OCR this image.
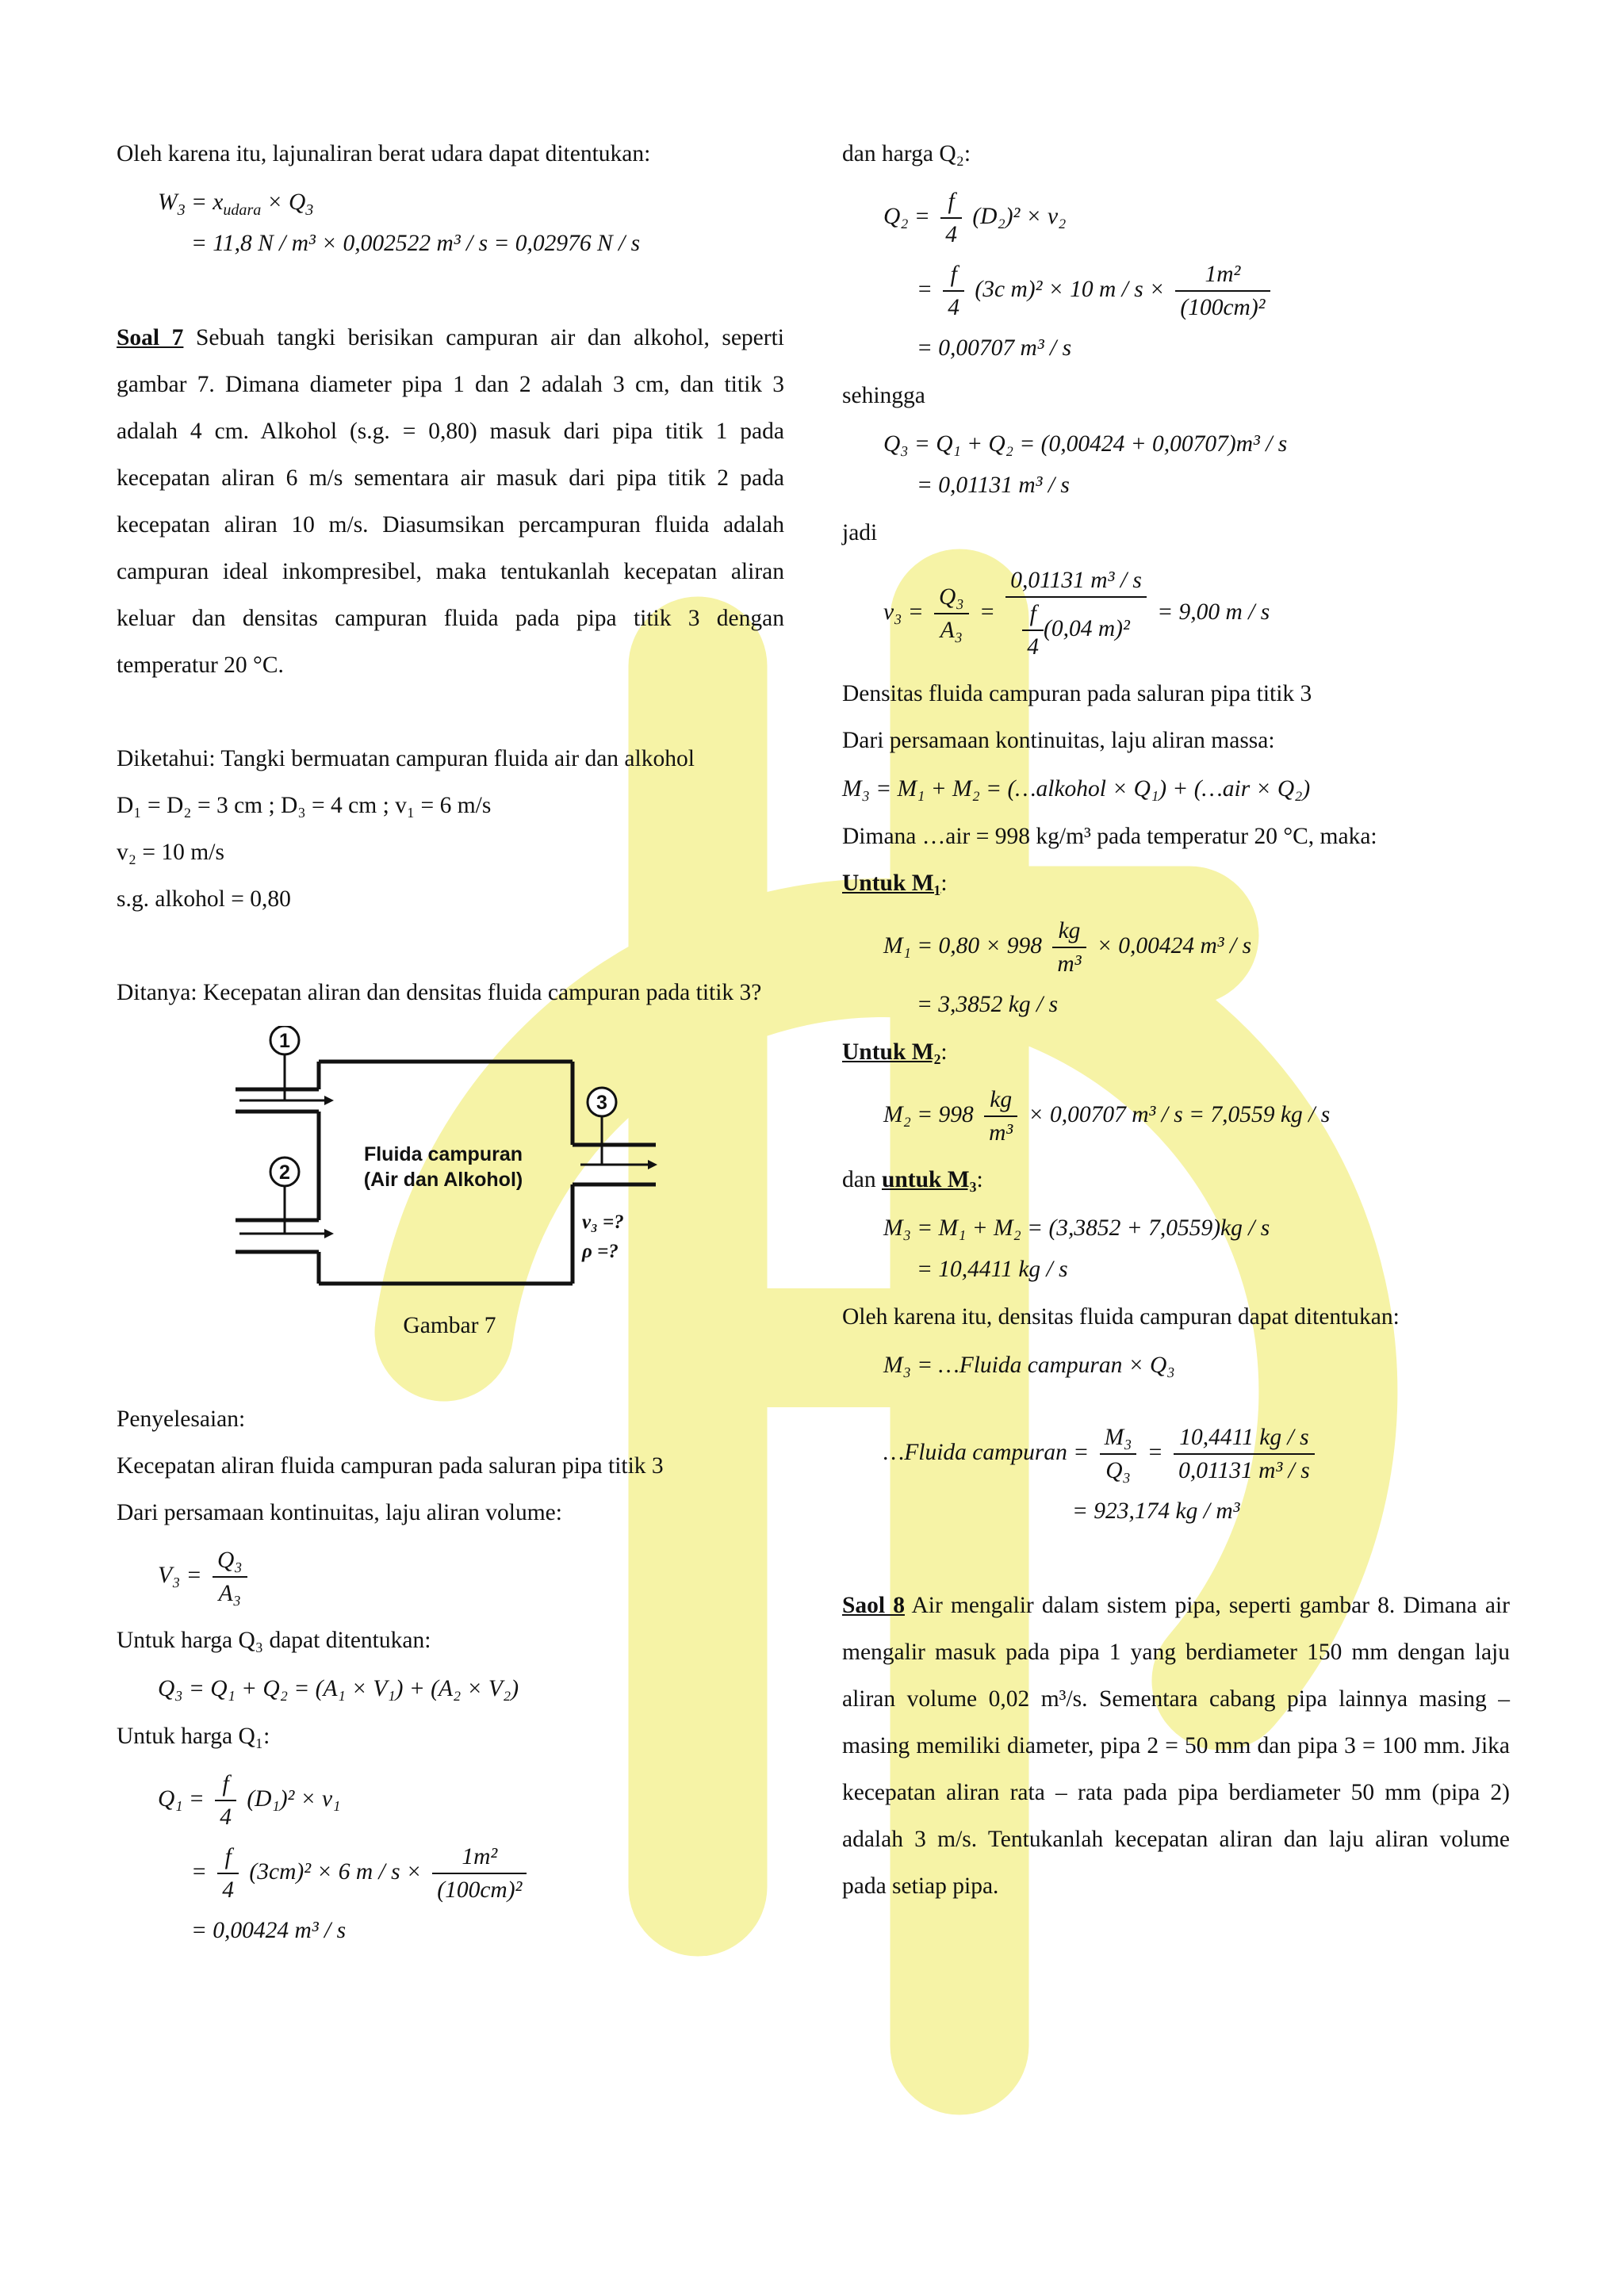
Oleh karena itu, lajunaliran berat udara dapat ditentukan:

$W_3 = x_{udara} \times Q_3$
= 11,8 N / m³ × 0,002522 m³ / s = 0,02976 N / s

Soal 7 Sebuah tangki berisikan campuran air dan alkohol, seperti gambar 7. Dimana diameter pipa 1 dan 2 adalah 3 cm, dan titik 3 adalah 4 cm. Alkohol (s.g. = 0,80) masuk dari pipa titik 1 pada kecepatan aliran 6 m/s sementara air masuk dari pipa titik 2 pada kecepatan aliran 10 m/s. Diasumsikan percampuran fluida adalah campuran ideal inkompresibel, maka tentukanlah kecepatan aliran keluar dan densitas campuran fluida pada pipa titik 3 dengan temperatur 20 °C.

Diketahui: Tangki bermuatan campuran fluida air dan alkohol

D₁ = D₂ = 3 cm ; D₃ = 4 cm ; v₁ = 6 m/s

v₂ = 10 m/s

s.g. alkohol = 0,80

Ditanya: Kecepatan aliran dan densitas fluida campuran pada titik 3?

1
2
3
Fluida campuran
(Air dan Alkohol)
v₃ =?
ρ =?
Gambar 7

Penyelesaian:

Kecepatan aliran fluida campuran pada saluran pipa titik 3

Dari persamaan kontinuitas, laju aliran volume:

$V_3 = \frac{\text{Q₃}}{\text{A₃}}$

Untuk harga Q₃ dapat ditentukan:

Q₃ = Q₁ + Q₂ = (A₁ × V₁) + (A₂ × V₂)

Untuk harga Q₁:

$Q_1 = \frac{f}{4} (D_1)^2 \times v_1$
= $\frac{f}{4} (3cm)^2 \times 6$ $m / s \times \frac{\text{1m²}}{\text{(100cm)²}}$
= 0,00424 m³ / s

dan harga Q₂:

$Q_2 = \frac{f}{4} (D_2)^2 \times v_2$
= $\frac{f}{4} (3c$ m)² × 10 $m / s \times \frac{\text{1m²}}{\text{(100cm)²}}$
= 0,00707 m³ / s

sehingga

Q₃ = Q₁ + Q₂ = (0,00424 + 0,00707)m³ / s
= 0,01131 m³ / s

jadi

$v_3 = \frac{\text{Q₃}}{\text{A₃}} = \frac{\text{0,01131 m³ / s}}{\frac{f}{4} (0,04 m)^2} = 9,00$ m / s

Densitas fluida campuran pada saluran pipa titik 3

Dari persamaan kontinuitas, laju aliran massa:

M₃ = M₁ + M₂ = (…alkohol × Q₁) + (…air × Q₂)

Dimana …air = 998 kg/m³ pada temperatur 20 °C, maka:

Untuk M₁:

$M_1 = 0,80 \times 998 \frac{kg}{\text{m³}} \times 0,00424$ m³ / s
= 3,3852 kg / s

Untuk M₂:

$M_2 = 998 \frac{kg}{\text{m³}} \times 0,00707$ m³ / s = 7,0559 kg / s

dan untuk M₃:

M₃ = M₁ + M₂ = (3,3852 + 7,0559)kg / s
= 10,4411 kg / s

Oleh karena itu, densitas fluida campuran dapat ditentukan:

M₃ = …Fluida campuran × Q₃
…Fluida campuran = $\frac{\text{M₃}}{\text{Q₃}} = \frac{10,4411 kg / s}{\text{0,01131 m³ / s}}$
= 923,174 kg / m³

Saol 8 Air mengalir dalam sistem pipa, seperti gambar 8. Dimana air mengalir masuk pada pipa 1 yang berdiameter 150 mm dengan laju aliran volume 0,02 m³/s. Sementara cabang pipa lainnya masing – masing memiliki diameter, pipa 2 = 50 mm dan pipa 3 = 100 mm. Jika kecepatan aliran rata – rata pada pipa berdiameter 50 mm (pipa 2) adalah 3 m/s. Tentukanlah kecepatan aliran dan laju aliran volume pada setiap pipa.
